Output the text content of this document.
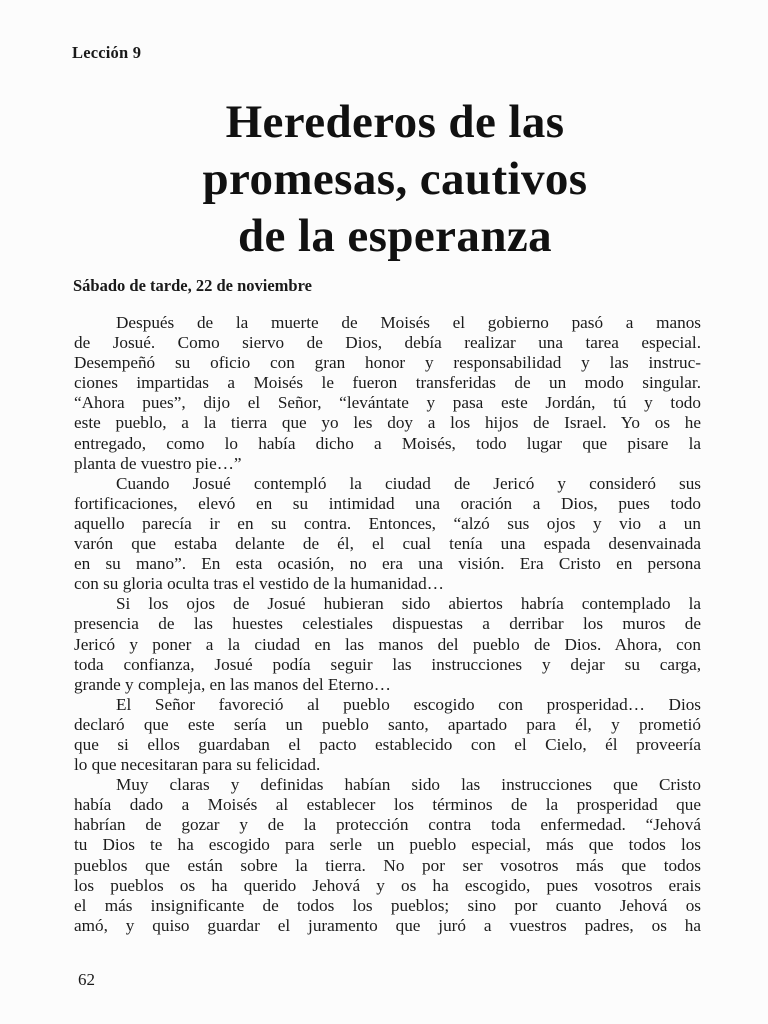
Lección 9
Herederos de las
promesas, cautivos
de la esperanza
Sábado de tarde, 22 de noviembre
Después de la muerte de Moisés el gobierno pasó a manos
de Josué. Como siervo de Dios, debía realizar una tarea especial.
Desempeñó su oficio con gran honor y responsabilidad y las instruc-
ciones impartidas a Moisés le fueron transferidas de un modo singular.
“Ahora pues”, dijo el Señor, “levántate y pasa este Jordán, tú y todo
este pueblo, a la tierra que yo les doy a los hijos de Israel. Yo os he
entregado, como lo había dicho a Moisés, todo lugar que pisare la
planta de vuestro pie…”
Cuando Josué contempló la ciudad de Jericó y consideró sus
fortificaciones, elevó en su intimidad una oración a Dios, pues todo
aquello parecía ir en su contra. Entonces, “alzó sus ojos y vio a un
varón que estaba delante de él, el cual tenía una espada desenvainada
en su mano”. En esta ocasión, no era una visión. Era Cristo en persona
con su gloria oculta tras el vestido de la humanidad…
Si los ojos de Josué hubieran sido abiertos habría contemplado la
presencia de las huestes celestiales dispuestas a derribar los muros de
Jericó y poner a la ciudad en las manos del pueblo de Dios. Ahora, con
toda confianza, Josué podía seguir las instrucciones y dejar su carga,
grande y compleja, en las manos del Eterno…
El Señor favoreció al pueblo escogido con prosperidad… Dios
declaró que este sería un pueblo santo, apartado para él, y prometió
que si ellos guardaban el pacto establecido con el Cielo, él proveería
lo que necesitaran para su felicidad.
Muy claras y definidas habían sido las instrucciones que Cristo
había dado a Moisés al establecer los términos de la prosperidad que
habrían de gozar y de la protección contra toda enfermedad. “Jehová
tu Dios te ha escogido para serle un pueblo especial, más que todos los
pueblos que están sobre la tierra. No por ser vosotros más que todos
los pueblos os ha querido Jehová y os ha escogido, pues vosotros erais
el más insignificante de todos los pueblos; sino por cuanto Jehová os
amó, y quiso guardar el juramento que juró a vuestros padres, os ha
62
